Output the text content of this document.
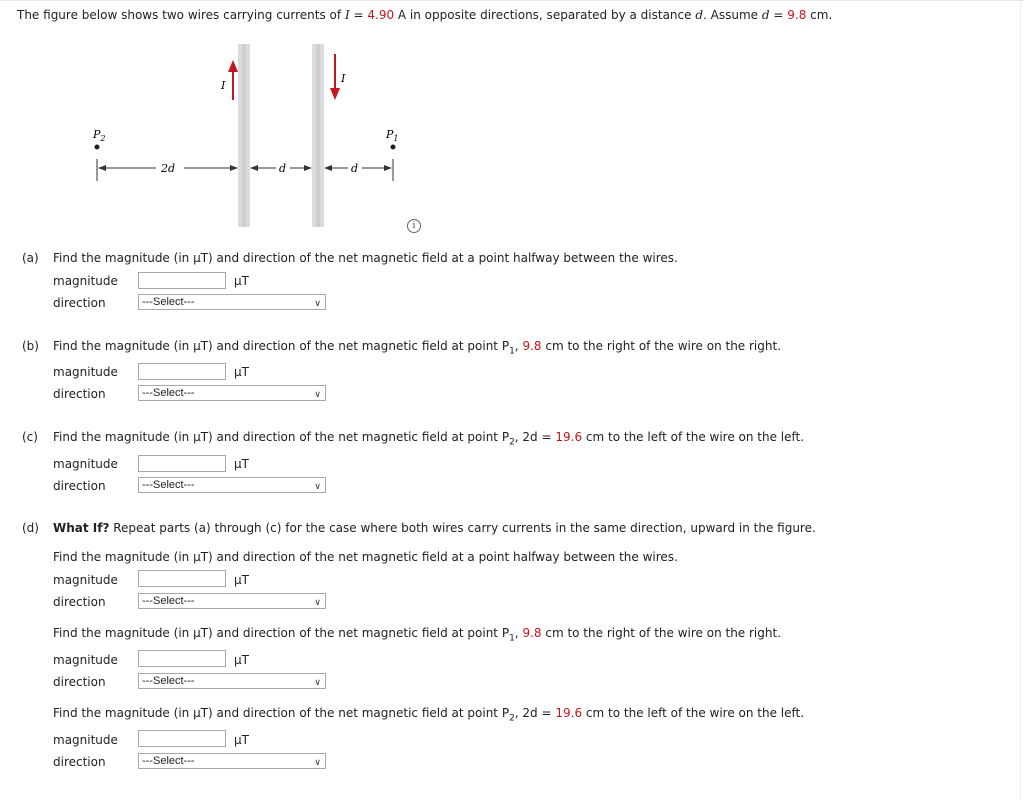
The figure below shows two wires carrying currents of I = 4.90 A in opposite directions, separated by a distance d. Assume d = 9.8 cm.
I
I
$P_2$	$P_1$
2d	d	d
i
(a) Find the magnitude (in μT) and direction of the net magnetic field at a point halfway between the wires.
magnitude	μT
direction	---Select---	∨
(b) Find the magnitude (in μT) and direction of the net magnetic field at point $P_1$, 9.8 cm to the right of the wire on the right.
magnitude	μT
direction	---Select---	∨
(c) Find the magnitude (in μT) and direction of the net magnetic field at point $P_2$, 2d = 19.6 cm to the left of the wire on the left.
magnitude	μT
direction	---Select---	∨
(d) What If? Repeat parts (a) through (c) for the case where both wires carry currents in the same direction, upward in the figure.
Find the magnitude (in μT) and direction of the net magnetic field at a point halfway between the wires.
magnitude	μT
direction	---Select---	∨
Find the magnitude (in μT) and direction of the net magnetic field at point $P_1$, 9.8 cm to the right of the wire on the right.
magnitude	μT
direction	---Select---	∨
Find the magnitude (in μT) and direction of the net magnetic field at point $P_2$, 2d = 19.6 cm to the left of the wire on the left.
magnitude	μT
direction	---Select---	∨
